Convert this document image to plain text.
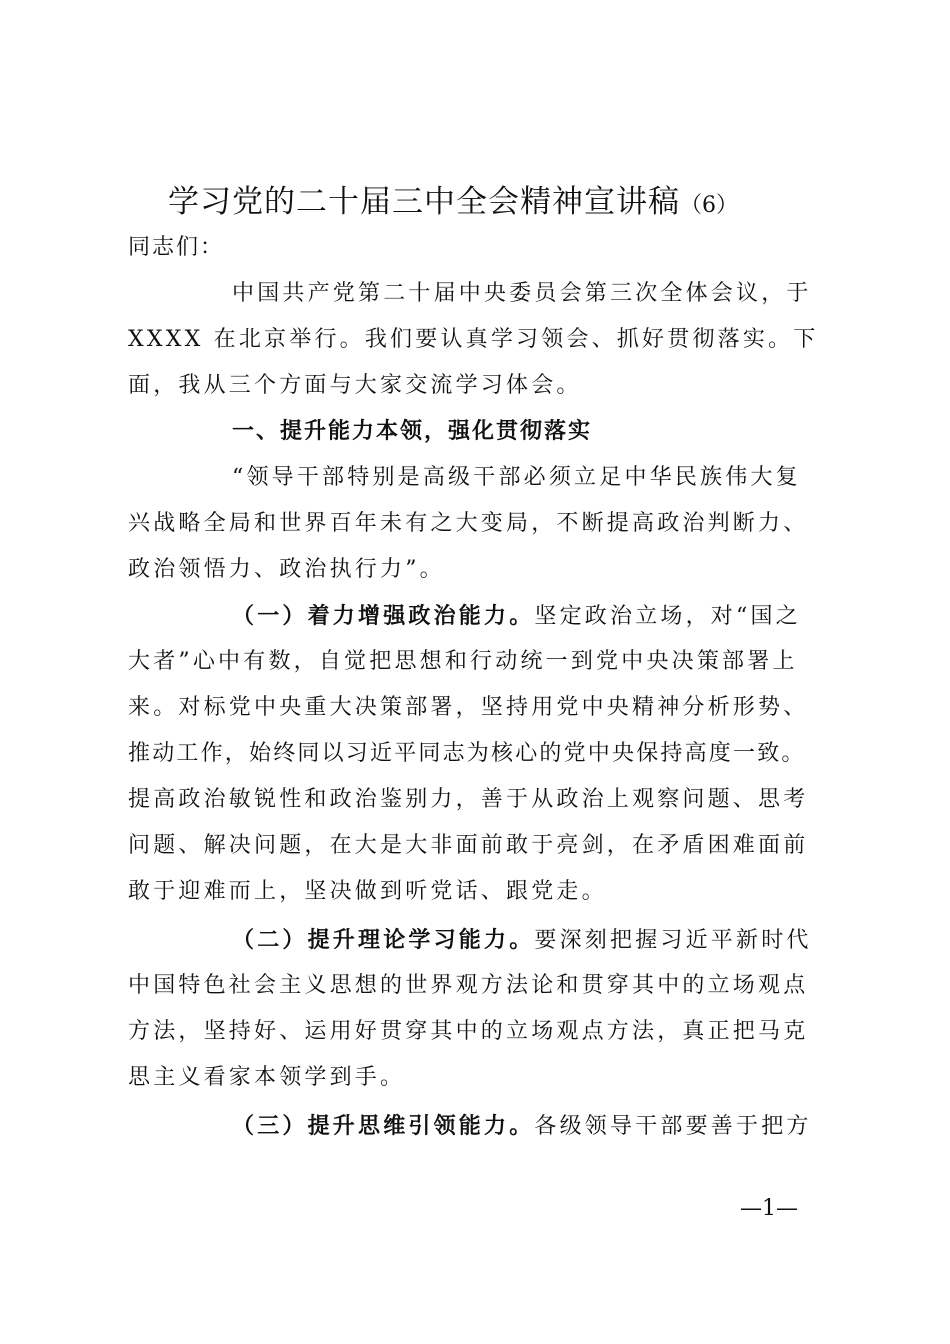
学习党的二十届三中全会精神宣讲稿（6）
同志们：
中国共产党第二十届中央委员会第三次全体会议，于
XXXX 在北京举行。我们要认真学习领会、抓好贯彻落实。下
面，我从三个方面与大家交流学习体会。
一、提升能力本领，强化贯彻落实
“领导干部特别是高级干部必须立足中华民族伟大复
兴战略全局和世界百年未有之大变局，不断提高政治判断力、
政治领悟力、政治执行力”。
（一）着力增强政治能力。坚定政治立场，对“国之
大者”心中有数，自觉把思想和行动统一到党中央决策部署上
来。对标党中央重大决策部署，坚持用党中央精神分析形势、
推动工作，始终同以习近平同志为核心的党中央保持高度一致。
提高政治敏锐性和政治鉴别力，善于从政治上观察问题、思考
问题、解决问题，在大是大非面前敢于亮剑，在矛盾困难面前
敢于迎难而上，坚决做到听党话、跟党走。
（二）提升理论学习能力。要深刻把握习近平新时代
中国特色社会主义思想的世界观方法论和贯穿其中的立场观点
方法，坚持好、运用好贯穿其中的立场观点方法，真正把马克
思主义看家本领学到手。
（三）提升思维引领能力。各级领导干部要善于把方
—1—
